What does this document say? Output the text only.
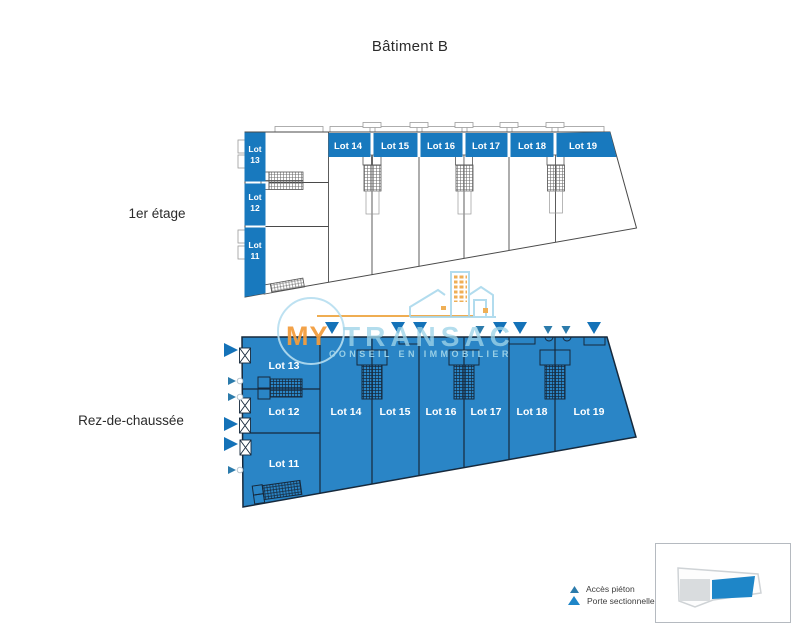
Bâtiment B
1er étage
Rez-de-chaussée
Lot 14 Lot 15 Lot 16 Lot 17 Lot 18 Lot 19
Lot
13
Lot
12
Lot
11
Lot 13
Lot 12
Lot 11
Lot 14 Lot 15 Lot 16 Lot 17 Lot 18 Lot 19
MY TRANSAC
CONSEIL EN IMMOBILIER
Accès piéton
Porte sectionnelle
